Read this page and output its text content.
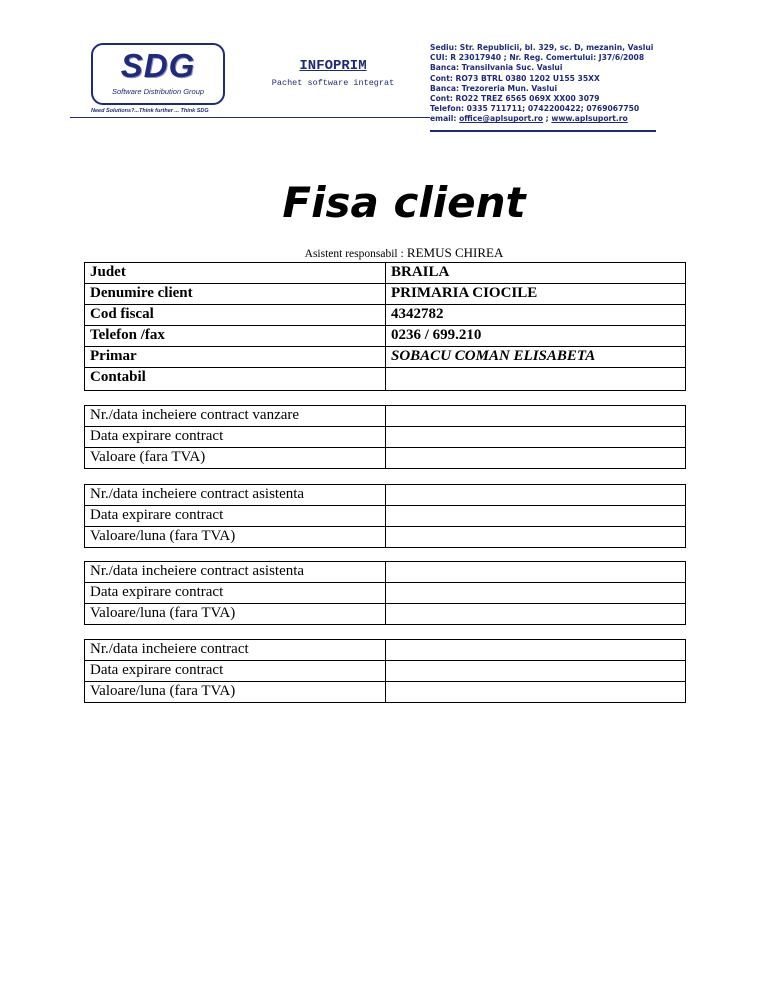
SDG
Software Distribution Group
Need Solutions?...Think further ... Think SDG
INFOPRIM
Pachet software integrat
Sediu: Str. Republicii, bl. 329, sc. D, mezanin, Vaslui
CUI: R 23017940 ; Nr. Reg. Comertului: J37/6/2008
Banca: Transilvania Suc. Vaslui
Cont: RO73 BTRL 0380 1202 U155 35XX
Banca: Trezoreria Mun. Vaslui
Cont: RO22 TREZ 6565 069X XX00 3079
Telefon: 0335 711711; 0742200422; 0769067750
email: office@aplsuport.ro ; www.aplsuport.ro
Fisa client
Asistent responsabil : REMUS CHIREA
Judet	BRAILA
Denumire client	PRIMARIA CIOCILE
Cod fiscal	4342782
Telefon /fax	0236 / 699.210
Primar	SOBACU COMAN ELISABETA
Contabil	
Nr./data incheiere contract vanzare	
Data expirare contract	
Valoare (fara TVA)	
Nr./data incheiere contract asistenta	
Data expirare contract	
Valoare/luna (fara TVA)	
Nr./data incheiere contract asistenta	
Data expirare contract	
Valoare/luna (fara TVA)	
Nr./data incheiere contract	
Data expirare contract	
Valoare/luna (fara TVA)	
